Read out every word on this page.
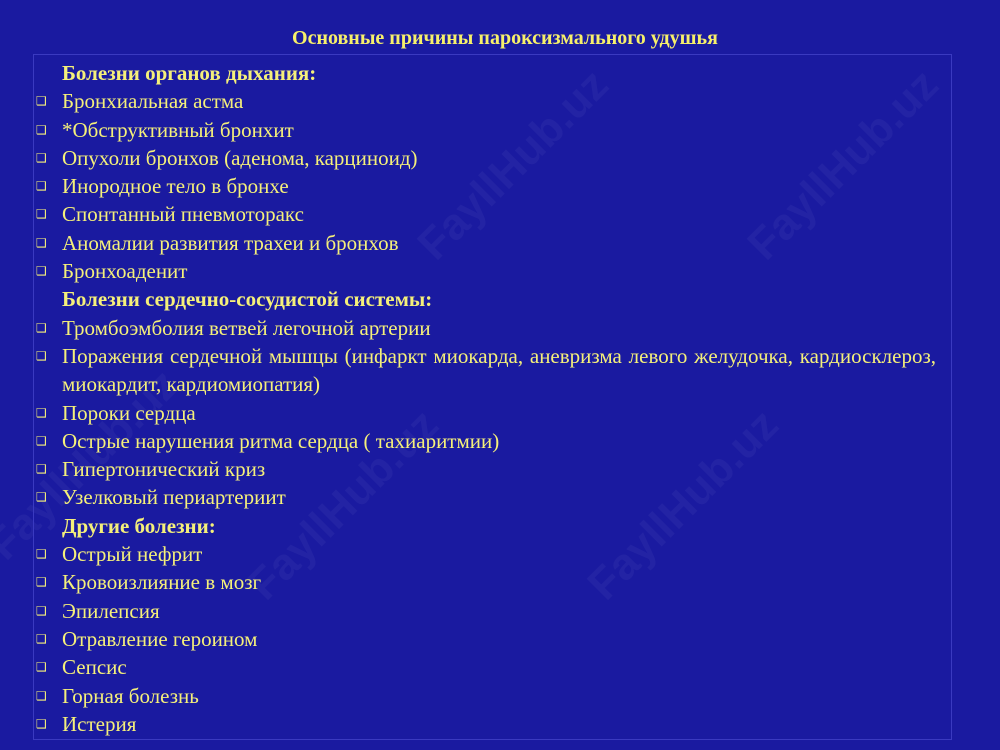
Основные причины пароксизмального удушья
Болезни органов дыхания:
❑ Бронхиальная астма
❑ *Обструктивный бронхит
❑ Опухоли бронхов (аденома, карциноид)
❑ Инородное тело в бронхе
❑ Спонтанный пневмоторакс
❑ Аномалии развития трахеи и бронхов
❑ Бронхоаденит
Болезни сердечно-сосудистой системы:
❑ Тромбоэмболия ветвей легочной артерии
❑ Поражения сердечной мышцы (инфаркт миокарда, аневризма левого желудочка, кардиосклероз, миокардит, кардиомиопатия)
❑ Пороки сердца
❑ Острые нарушения ритма сердца ( тахиаритмии)
❑ Гипертонический криз
❑ Узелковый периартериит
Другие болезни:
❑ Острый нефрит
❑ Кровоизлияние в мозг
❑ Эпилепсия
❑ Отравление героином
❑ Сепсис
❑ Горная болезнь
❑ Истерия
